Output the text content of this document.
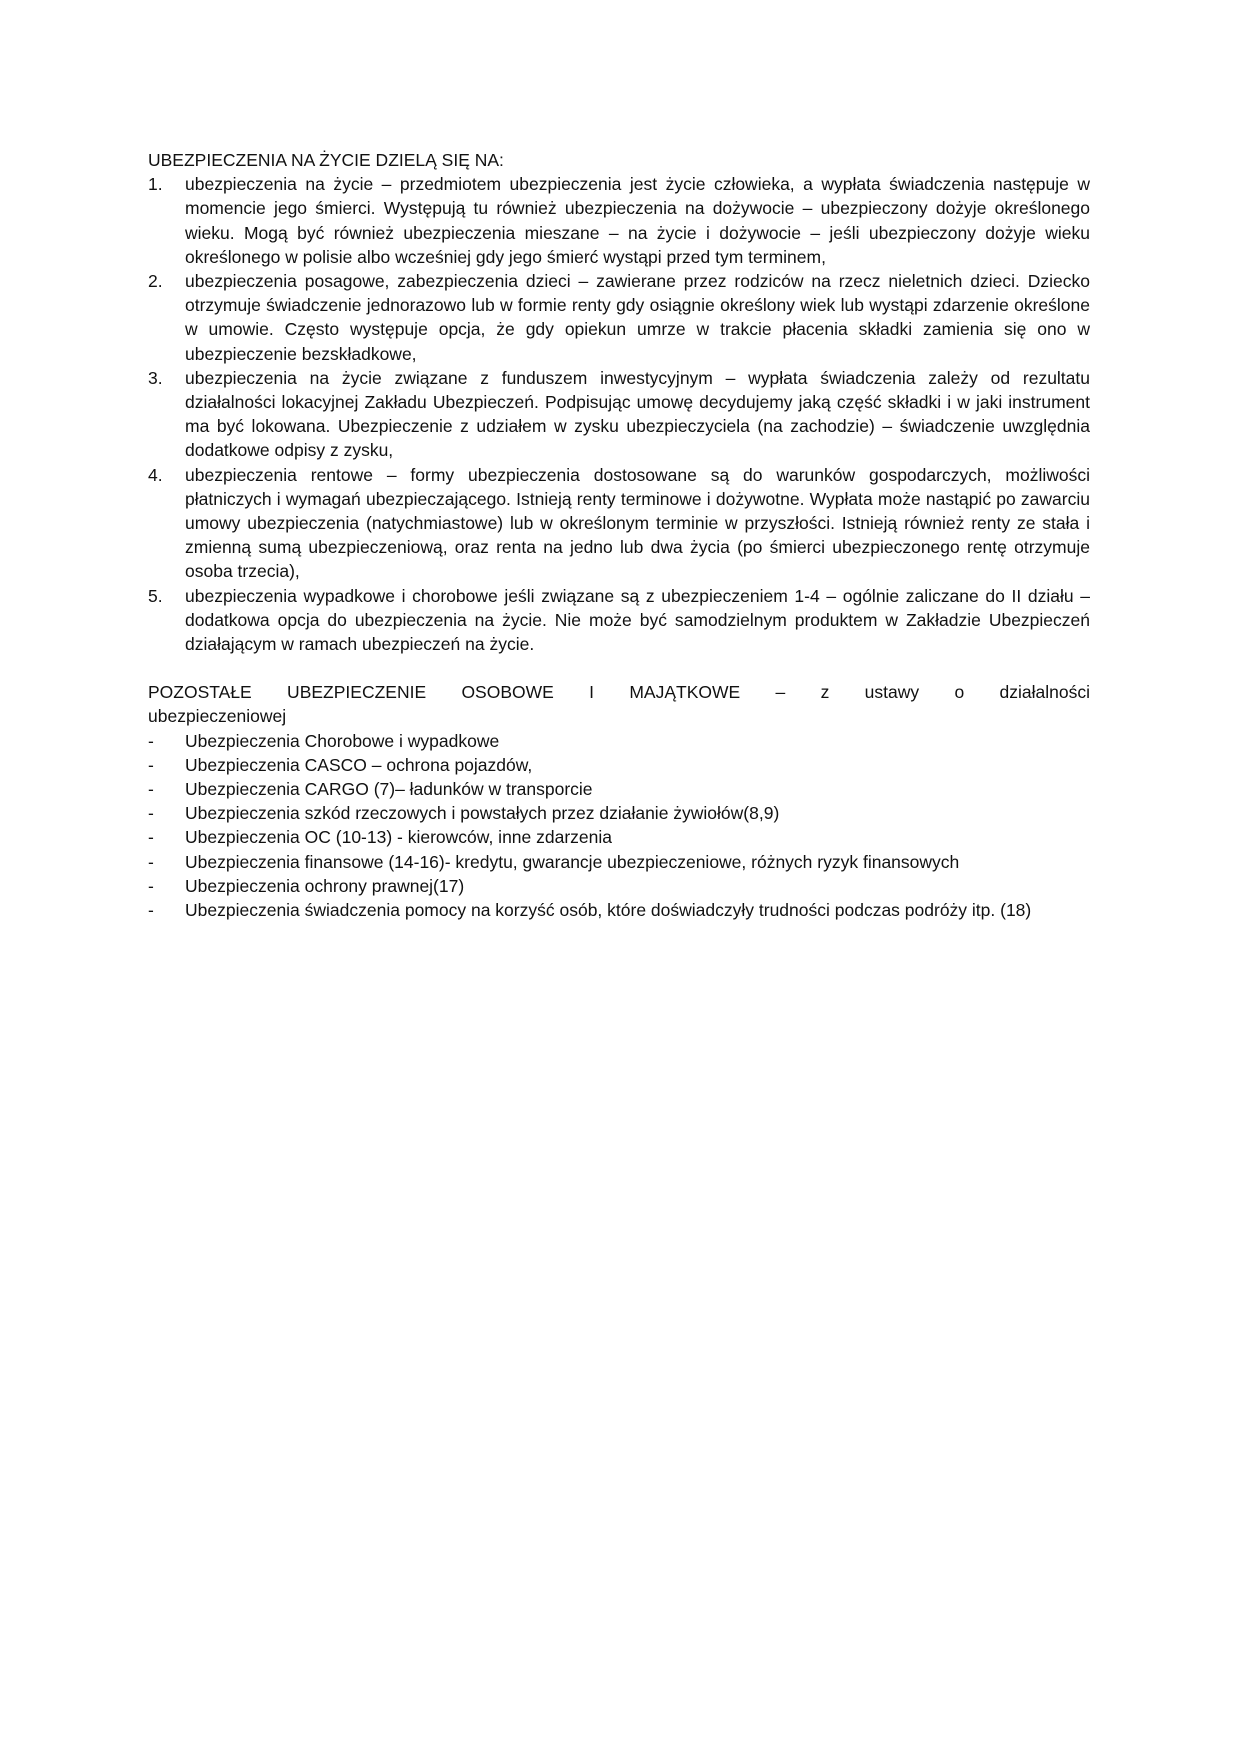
UBEZPIECZENIA NA ŻYCIE DZIELĄ SIĘ NA:

1. ubezpieczenia na życie – przedmiotem ubezpieczenia jest życie człowieka, a wypłata świadczenia następuje w momencie jego śmierci. Występują tu również ubezpieczenia na dożywocie – ubezpieczony dożyje określonego wieku. Mogą być również ubezpieczenia mieszane – na życie i dożywocie – jeśli ubezpieczony dożyje wieku określonego w polisie albo wcześniej gdy jego śmierć wystąpi przed tym terminem,
2. ubezpieczenia posagowe, zabezpieczenia dzieci – zawierane przez rodziców na rzecz nieletnich dzieci. Dziecko otrzymuje świadczenie jednorazowo lub w formie renty gdy osiągnie określony wiek lub wystąpi zdarzenie określone w umowie. Często występuje opcja, że gdy opiekun umrze w trakcie płacenia składki zamienia się ono w ubezpieczenie bezskładkowe,
3. ubezpieczenia na życie związane z funduszem inwestycyjnym – wypłata świadczenia zależy od rezultatu działalności lokacyjnej Zakładu Ubezpieczeń. Podpisując umowę decydujemy jaką część składki i w jaki instrument ma być lokowana. Ubezpieczenie z udziałem w zysku ubezpieczyciela (na zachodzie) – świadczenie uwzględnia dodatkowe odpisy z zysku,
4. ubezpieczenia rentowe – formy ubezpieczenia dostosowane są do warunków gospodarczych, możliwości płatniczych i wymagań ubezpieczającego. Istnieją renty terminowe i dożywotne. Wypłata może nastąpić po zawarciu umowy ubezpieczenia (natychmiastowe) lub w określonym terminie w przyszłości. Istnieją również renty ze stała i zmienną sumą ubezpieczeniową, oraz renta na jedno lub dwa życia (po śmierci ubezpieczonego rentę otrzymuje osoba trzecia),
5. ubezpieczenia wypadkowe i chorobowe jeśli związane są z ubezpieczeniem 1-4 – ogólnie zaliczane do II działu – dodatkowa opcja do ubezpieczenia na życie. Nie może być samodzielnym produktem w Zakładzie Ubezpieczeń działającym w ramach ubezpieczeń na życie.

POZOSTAŁE UBEZPIECZENIE OSOBOWE I MAJĄTKOWE – z ustawy o działalności

ubezpieczeniowej

- Ubezpieczenia Chorobowe i wypadkowe
- Ubezpieczenia CASCO – ochrona pojazdów,
- Ubezpieczenia CARGO (7)– ładunków w transporcie
- Ubezpieczenia szkód rzeczowych i powstałych przez działanie żywiołów(8,9)
- Ubezpieczenia OC (10-13) - kierowców, inne zdarzenia
- Ubezpieczenia finansowe (14-16)- kredytu, gwarancje ubezpieczeniowe, różnych ryzyk finansowych
- Ubezpieczenia ochrony prawnej(17)
- Ubezpieczenia świadczenia pomocy na korzyść osób, które doświadczyły trudności podczas podróży itp. (18)
